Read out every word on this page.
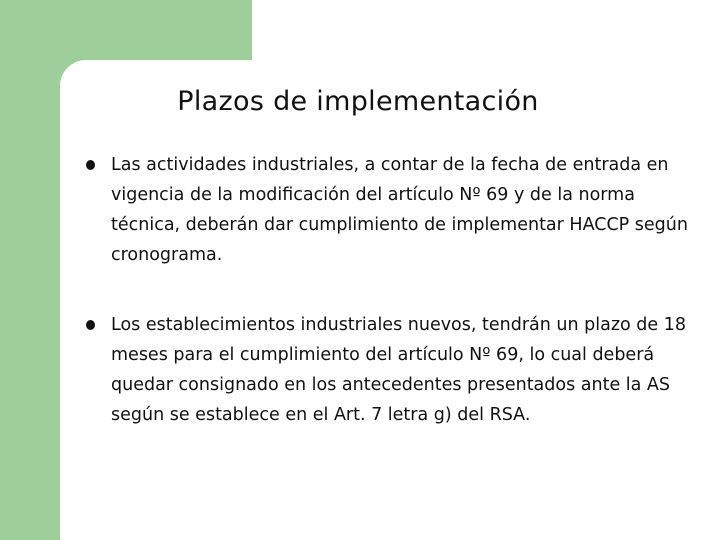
Plazos de implementación
Las actividades industriales, a contar de la fecha de entrada en vigencia de la modificación del artículo Nº 69 y de la norma técnica, deberán dar cumplimiento de implementar HACCP según cronograma.
Los establecimientos industriales nuevos, tendrán un plazo de 18 meses para el cumplimiento del artículo Nº 69, lo cual deberá quedar consignado en los antecedentes presentados ante la AS según se establece en el Art. 7 letra g) del RSA.
